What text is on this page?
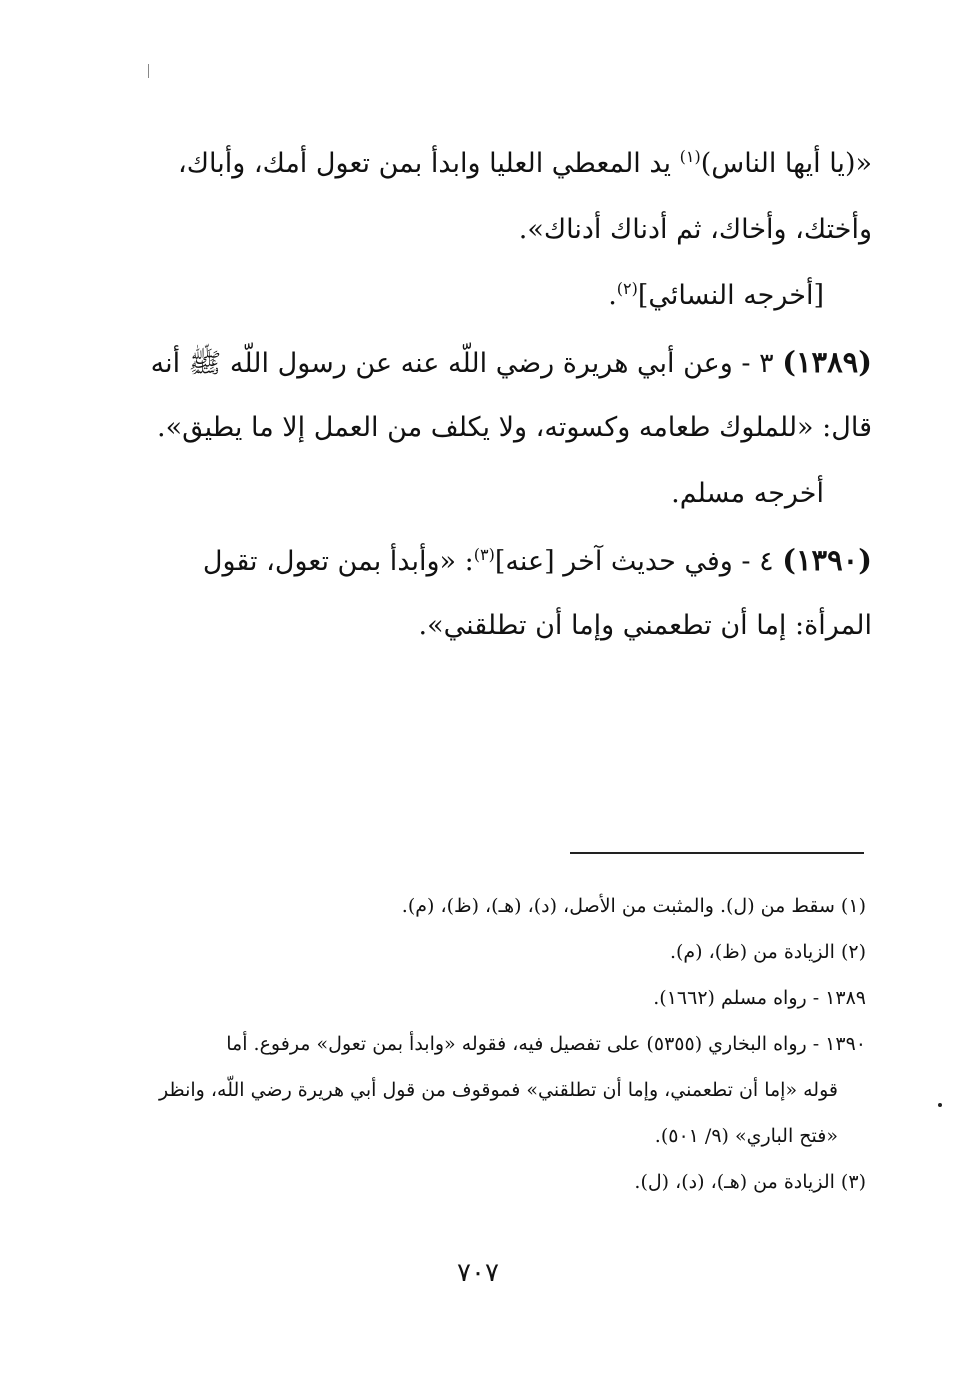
«(يا أيها الناس)$^{(١)}$ يد المعطي العليا وابدأ بمن تعول أمك، وأباك،
وأختك، وأخاك، ثم أدناك أدناك».
[أخرجه النسائي]$^{(٢)}$.
(١٣٨٩) ٣ - وعن أبي هريرة رضي اللّه عنه عن رسول اللّه ﷺ أنه
قال: «للملوك طعامه وكسوته، ولا يكلف من العمل إلا ما يطيق».
أخرجه مسلم.
(١٣٩٠) ٤ - وفي حديث آخر [عنه]$^{(٣)}$: «وأبدأ بمن تعول، تقول
المرأة: إما أن تطعمني وإما أن تطلقني».
(١) سقط من (ل). والمثبت من الأصل، (د)، (هـ)، (ظ)، (م).
(٢) الزيادة من (ظ)، (م).
١٣٨٩ - رواه مسلم (١٦٦٢).
١٣٩٠ - رواه البخاري (٥٣٥٥) على تفصيل فيه، فقوله «وابدأ بمن تعول» مرفوع. أما
قوله «إما أن تطعمني، وإما أن تطلقني» فموقوف من قول أبي هريرة رضي اللّه، وانظر
«فتح الباري» (٩/ ٥٠١).
(٣) الزيادة من (هـ)، (د)، (ل).
٧٠٧
